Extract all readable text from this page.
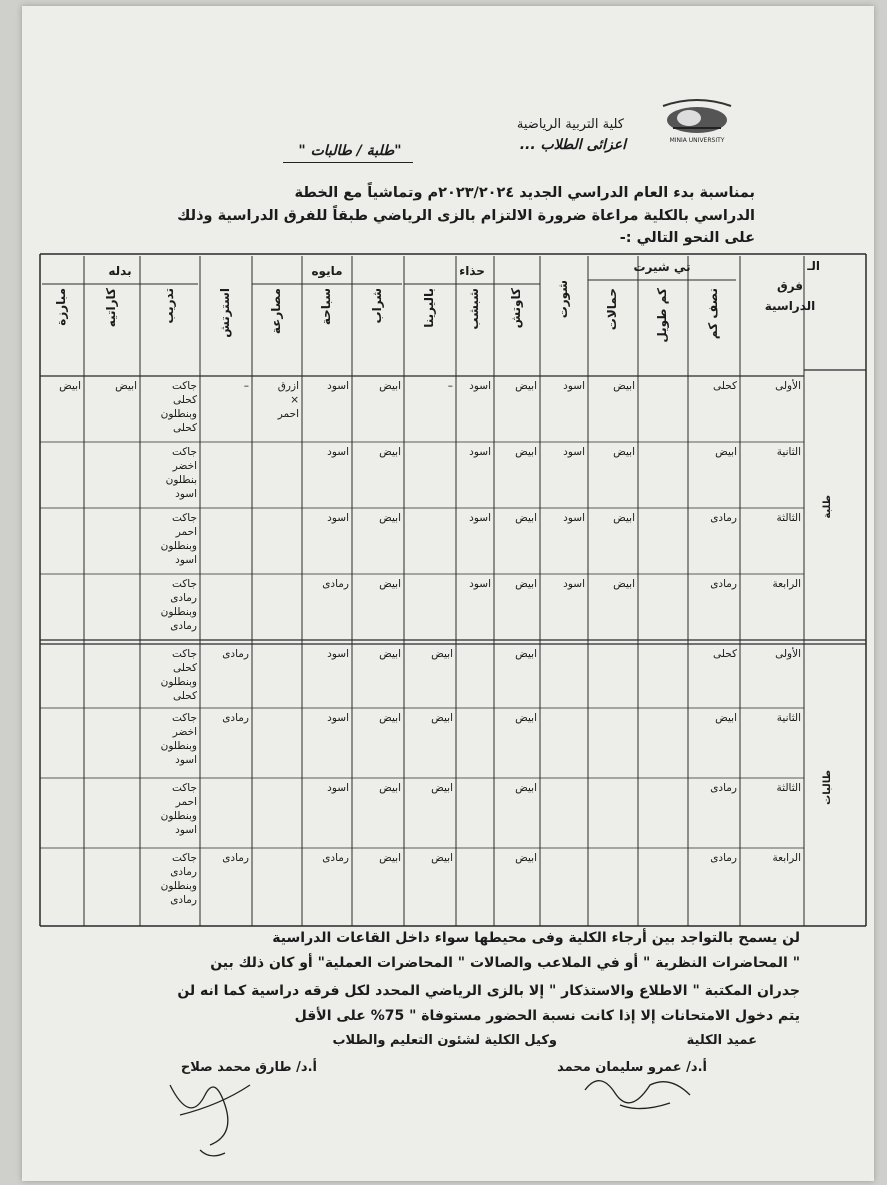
MINIA UNIVERSITY
كلية التربية الرياضية
اعزائى الطلاب ...
"طلبة / طالبات "
بمناسبة بدء العام الدراسي الجديد ٢٠٢٣/٢٠٢٤م وتماشياً مع الخطة
الدراسي بالكلية مراعاة ضرورة الالتزام بالزى الرياضي طبقاً للفرق الدراسية وذلك
على النحو التالي :-
الـ
فرق
الدراسية
تي شيرت
حذاء
مايوه
بدله
نصف كم
كم طويل
حمالات
شورت
كاوتش
شبشب
باليرينا
شراب
سباحة
مصارعة
استرتش
تدريب
كاراتيه
مبارزة
الأولى
كحلى
ابيض
اسود
ابيض
اسود
–
ابيض
اسود
ازرق × احمر
–
جاكت كحلى وبنطلون كحلى
ابيض
ابيض
الثانية
ابيض
ابيض
اسود
ابيض
اسود
ابيض
اسود
جاكت اخضر بنطلون اسود
الثالثة
رمادى
ابيض
اسود
ابيض
اسود
ابيض
اسود
جاكت احمر وبنطلون اسود
الرابعة
رمادى
ابيض
اسود
ابيض
اسود
ابيض
رمادى
جاكت رمادى وبنطلون رمادى
طلبة
الأولى
كحلى
ابيض
ابيض
ابيض
اسود
رمادى
جاكت كحلى وبنطلون كحلى
الثانية
ابيض
ابيض
ابيض
ابيض
اسود
رمادى
جاكت اخضر وبنطلون اسود
الثالثة
رمادى
ابيض
ابيض
ابيض
اسود
جاكت احمر وبنطلون اسود
الرابعة
رمادى
ابيض
ابيض
ابيض
رمادى
رمادى
جاكت رمادى وبنطلون رمادى
طالبات
لن يسمح بالتواجد بين أرجاء الكلية وفى محيطها سواء داخل القاعات الدراسية
" المحاضرات النظرية " أو في الملاعب والصالات " المحاضرات العملية" أو كان ذلك بين
جدران المكتبة " الاطلاع والاستذكار " إلا بالزى الرياضي المحدد لكل فرقه دراسية كما انه لن
يتم دخول الامتحانات إلا إذا كانت نسبة الحضور مستوفاة " 75% على الأقل
وكيل الكلية لشئون التعليم والطلاب	عميد الكلية
أ.د/ عمرو سليمان محمد
أ.د/ طارق محمد صلاح
